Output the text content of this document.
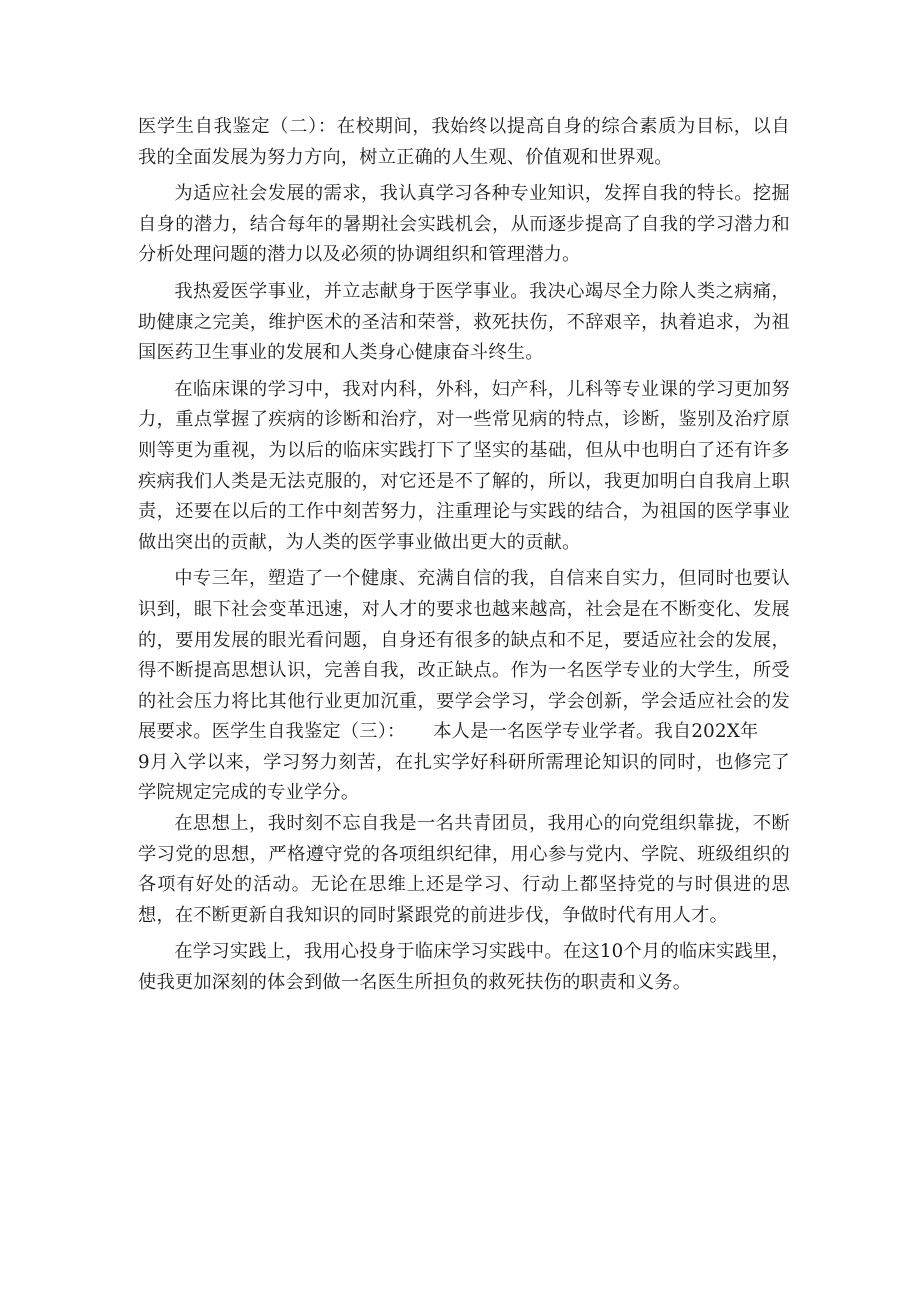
医学生自我鉴定（二）：在校期间，我始终以提高自身的综合素质为目标，以自我的全面发展为努力方向，树立正确的人生观、价值观和世界观。

为适应社会发展的需求，我认真学习各种专业知识，发挥自我的特长。挖掘自身的潜力，结合每年的暑期社会实践机会，从而逐步提高了自我的学习潜力和分析处理问题的潜力以及必须的协调组织和管理潜力。

我热爱医学事业，并立志献身于医学事业。我决心竭尽全力除人类之病痛，助健康之完美，维护医术的圣洁和荣誉，救死扶伤，不辞艰辛，执着追求，为祖国医药卫生事业的发展和人类身心健康奋斗终生。

在临床课的学习中，我对内科，外科，妇产科，儿科等专业课的学习更加努力，重点掌握了疾病的诊断和治疗，对一些常见病的特点，诊断，鉴别及治疗原则等更为重视，为以后的临床实践打下了坚实的基础，但从中也明白了还有许多疾病我们人类是无法克服的，对它还是不了解的，所以，我更加明白自我肩上职责，还要在以后的工作中刻苦努力，注重理论与实践的结合，为祖国的医学事业做出突出的贡献，为人类的医学事业做出更大的贡献。

中专三年，塑造了一个健康、充满自信的我，自信来自实力，但同时也要认识到，眼下社会变革迅速，对人才的要求也越来越高，社会是在不断变化、发展的，要用发展的眼光看问题，自身还有很多的缺点和不足，要适应社会的发展，得不断提高思想认识，完善自我，改正缺点。作为一名医学专业的大学生，所受的社会压力将比其他行业更加沉重，要学会学习，学会创新，学会适应社会的发展要求。医学生自我鉴定（三）：　　本人是一名医学专业学者。我自202X年

9月入学以来，学习努力刻苦，在扎实学好科研所需理论知识的同时，也修完了学院规定完成的专业学分。

在思想上，我时刻不忘自我是一名共青团员，我用心的向党组织靠拢，不断学习党的思想，严格遵守党的各项组织纪律，用心参与党内、学院、班级组织的各项有好处的活动。无论在思维上还是学习、行动上都坚持党的与时俱进的思想，在不断更新自我知识的同时紧跟党的前进步伐，争做时代有用人才。

在学习实践上，我用心投身于临床学习实践中。在这10个月的临床实践里，使我更加深刻的体会到做一名医生所担负的救死扶伤的职责和义务。
